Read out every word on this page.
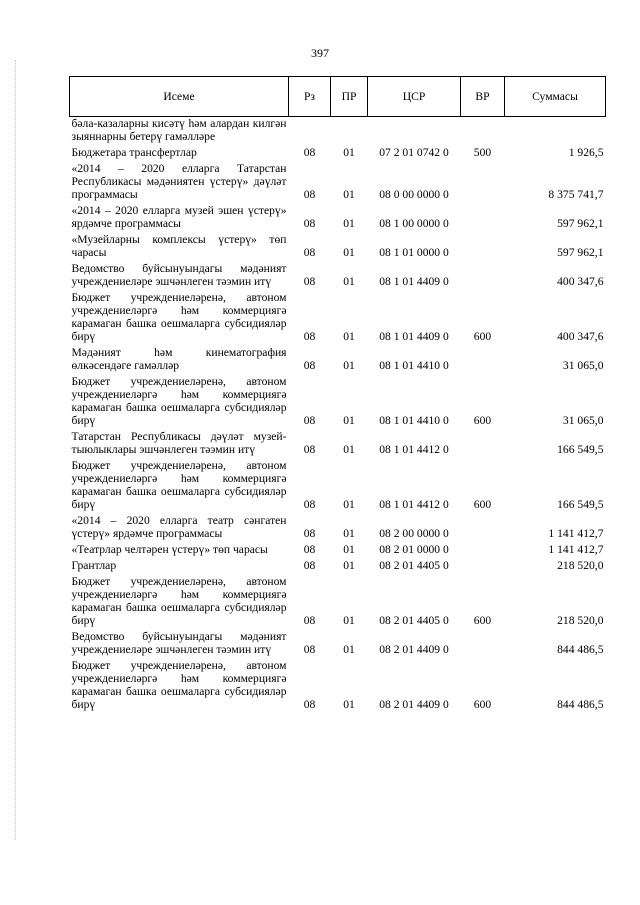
397
Исеме	Рз	ПР	ЦСР	ВР	Суммасы
бәла-казаларны кисәтү һәм алардан килгән зыяннарны бетерү гамәлләре					
Бюджетара трансфертлар	08	01	07 2 01 0742 0	500	1 926,5
«2014 – 2020 елларга Татарстан Республикасы мәдәниятен үстерү» дәүләт программасы	08	01	08 0 00 0000 0		8 375 741,7
«2014 – 2020 елларга музей эшен үстерү» ярдәмче программасы	08	01	08 1 00 0000 0		597 962,1
«Музейларны комплексы үстерү» төп чарасы	08	01	08 1 01 0000 0		597 962,1
Ведомство буйсынуындагы мәдәният учреждениеләре эшчәнлеген тәэмин итү	08	01	08 1 01 4409 0		400 347,6
Бюджет учреждениеләренә, автоном учреждениеләргә һәм коммерциягә карамаган башка оешмаларга субсидияләр бирү	08	01	08 1 01 4409 0	600	400 347,6
Мәдәният һәм кинематография өлкәсендәге гамәлләр	08	01	08 1 01 4410 0		31 065,0
Бюджет учреждениеләренә, автоном учреждениеләргә һәм коммерциягә карамаган башка оешмаларга субсидияләр бирү	08	01	08 1 01 4410 0	600	31 065,0
Татарстан Республикасы дәүләт музей-тыюлыклары эшчәнлеген тәэмин итү	08	01	08 1 01 4412 0		166 549,5
Бюджет учреждениеләренә, автоном учреждениеләргә һәм коммерциягә карамаган башка оешмаларга субсидияләр бирү	08	01	08 1 01 4412 0	600	166 549,5
«2014 – 2020 елларга театр сәнгатен үстерү» ярдәмче программасы	08	01	08 2 00 0000 0		1 141 412,7
«Театрлар челтәрен үстерү» төп чарасы	08	01	08 2 01 0000 0		1 141 412,7
Грантлар	08	01	08 2 01 4405 0		218 520,0
Бюджет учреждениеләренә, автоном учреждениеләргә һәм коммерциягә карамаган башка оешмаларга субсидияләр бирү	08	01	08 2 01 4405 0	600	218 520,0
Ведомство буйсынуындагы мәдәният учреждениеләре эшчәнлеген тәэмин итү	08	01	08 2 01 4409 0		844 486,5
Бюджет учреждениеләренә, автоном учреждениеләргә һәм коммерциягә карамаган башка оешмаларга субсидияләр бирү	08	01	08 2 01 4409 0	600	844 486,5
